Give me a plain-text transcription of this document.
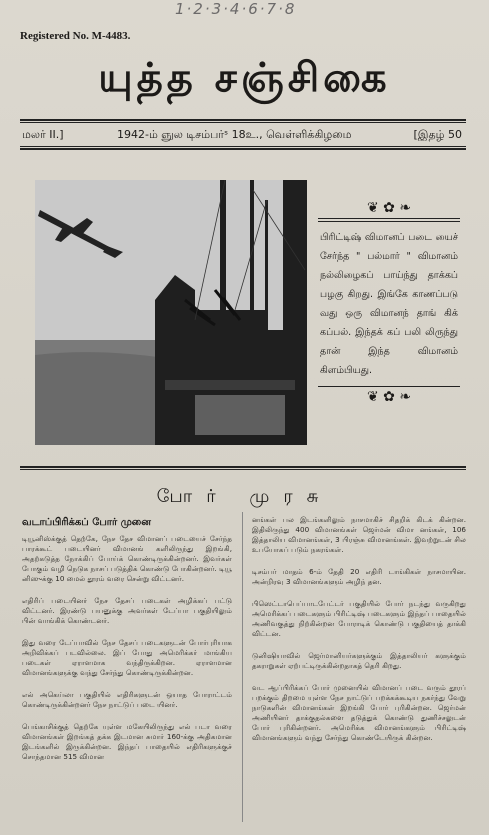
1·2·3·4·6·7·8
Registered No. M-4483.
யுத்த சஞ்சிகை
மலர் II.]	1942-ம் ஞுல டிசம்பர்ˢ 18உ., வெள்ளிக்கிழமை	[இதழ் 50
❦ ✿ ❧
பிரிட்டிஷ் விமானப் படை யைச் சேர்ந்த " பல்மார் " விமானம் நல்லிழைகப் பாய்ந்து தாக்கப் பழகு கிறது. இங்கே காணப்படு வது ஒரு விமானந் தாங் கிக் கப்பல். இந்தக் கப் பலி லிருந்து தான் இந்த விமானம் கிளம்பியது.
❦ ✿ ❧
போர் முரசு
வடாப்பிரிக்கப் போர் முனை

டியூனிஸ்க்குத் தெற்கே, நேச தேச விமானப் படையைச் சேர்ந்த பாரக்கூட் படையினர் விமானங் களிலிருந்து இறங்கி, அதற்கடுத்த நோக்கிப் போய்க் கொண்டிருக்கின்றனர். இவர்கள் போகும் வழி நெடுக நாசப் படுத்திக் கொண்டு போகின்றனர். டியூ னிஸுக்கு 10 மைல் தூரம் வரை சென்று விட்டனர்.

எதிரிப் படையினர் நேச தேசப் படைகள் அழிக்கப் பட்டு விட்டனர். இரண்டு பயனுக்கு அவர்கள் டேப்பா பகுதியிலும் பின் வாங்கிக் கொண்டனர்.

இது வரை டேப்பாவில் நேச தேசப் படைகளுடன் போர்புரியாக அறிவிக்கப் படவில்லை. இப் போது அமெரிக்கர் மாங்கிய படைகள் ஏராளமாக வந்திருக்கிறன. ஏராளமான விமானங்களுக்கு வந்து சேர்ந்து கொண்டிருக்கின்றன.

எல் அகெய்லா பகுதியில் எதிரிகளுடன் ஒயாத போராட்டம் கொண்டிருக்கின்றனர் நேச நாட்டுப் படை யினர்.

பெங்காசிக்குத் தெற்கே யுள்ள மகேயிலிருந்து எல் படா வரை விமானங்கள் இறங்கத் தக்க இடமான சுமார் 160-க்கு அதிகமான இடங்களில் இருக்கின்றன. இந்தப் பாதையில் எதிரிகளுக்குச் சொந்தமான 515 விமான

னங்கள் பல இடங்களிலும் நாசமாகிச் சிதறிக் கிடக் கின்றன. இதிலிருந்து 400 விமானங்கள் ஜெர்மன் விமா னங்கள், 106 இத்தாலிய விமானங்கள், 3 பிரஞ்சு விமானங்கள். இவற்றுடன் சில உபயோகப் படும் நகரங்கள்.

டிசம்பர் மாதம் 6-ம் தேதி 20 எதிரி டாங்கிகள் நாசமாயின. அன்றிரவு 3 விமானங்களும் அழிந் தன.

பிஸெட்டாபெப்பாடபேட்டர் பகுதியில் போர் நடந்து வருகிறது அமெரிக்கப் படைகளும் பிரிட்டிஷ் படைகளும் இந்தப் பாதையில் அணிவகுத்து நிற்கின்றன போராடிக் கொண்டு பகுதியைத் தாக்கி விட்டன.

டுனிஷியாவில் ஜெர்மானியர்களுக்கும் இத்தாலியர் களுக்கும் தகராறுகள் ஏற்பட்டிருக்கின்றதாகத் தெரி கிறது.

வட ஆப்பிரிக்கப் போர் முனையில் விமானப் படை வரும் தூரப் பறக்கும் திறமை யுள்ள நேச நாட்டுப் பறக்கக்கூடிய நகர்ந்து வேறு நாடுகளின் விமானங்கள் இறங்கி போர் புரிகின்றன. ஜெர்மன் அணியினர் தாக்குதல்களை தடுத்துக் கொண்டு துணிச்சலுடன் போர் புரிகின்றனர். அமெரிக்க விமானங்களும் பிரிட்டிஷ் விமானங்களும் வந்து சேர்ந்து கொண்டேயிருக் கின்றன.
